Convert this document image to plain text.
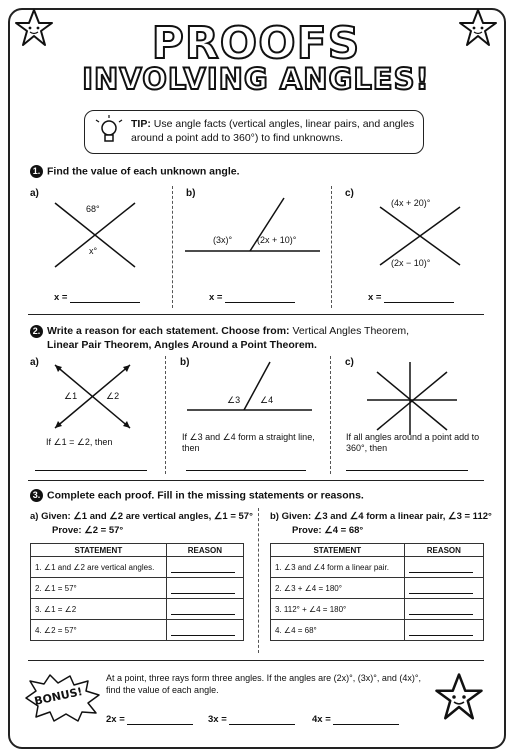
PROOFS
INVOLVING ANGLES!
TIP: Use angle facts (vertical angles, linear pairs, and angles around a point add to 360°) to find unknowns.
1. Find the value of each unknown angle.
a)
68°
x°
x =
b)
(3x)°	(2x + 10)°
x =
c)
(4x + 20)°
(2x − 10)°
x =
2. Write a reason for each statement. Choose from: Vertical Angles Theorem,
Linear Pair Theorem, Angles Around a Point Theorem.
a)
∠1	∠2
If ∠1 = ∠2, then
b)
∠3 ∠4
If ∠3 and ∠4 form a straight line, then
c)
If all angles around a point add to 360°, then
3. Complete each proof. Fill in the missing statements or reasons.
a) Given: ∠1 and ∠2 are vertical angles, ∠1 = 57°
Prove: ∠2 = 57°
STATEMENT	REASON
1. ∠1 and ∠2 are vertical angles.	
2. ∠1 = 57°	
3. ∠1 = ∠2	
4. ∠2 = 57°	
b) Given: ∠3 and ∠4 form a linear pair, ∠3 = 112°
Prove: ∠4 = 68°
STATEMENT	REASON
1. ∠3 and ∠4 form a linear pair.	
2. ∠3 + ∠4 = 180°	
3. 112° + ∠4 = 180°	
4. ∠4 = 68°	
BONUS!
At a point, three rays form three angles. If the angles are (2x)°, (3x)°, and (4x)°, find the value of each angle.
2x =	3x =	4x =
